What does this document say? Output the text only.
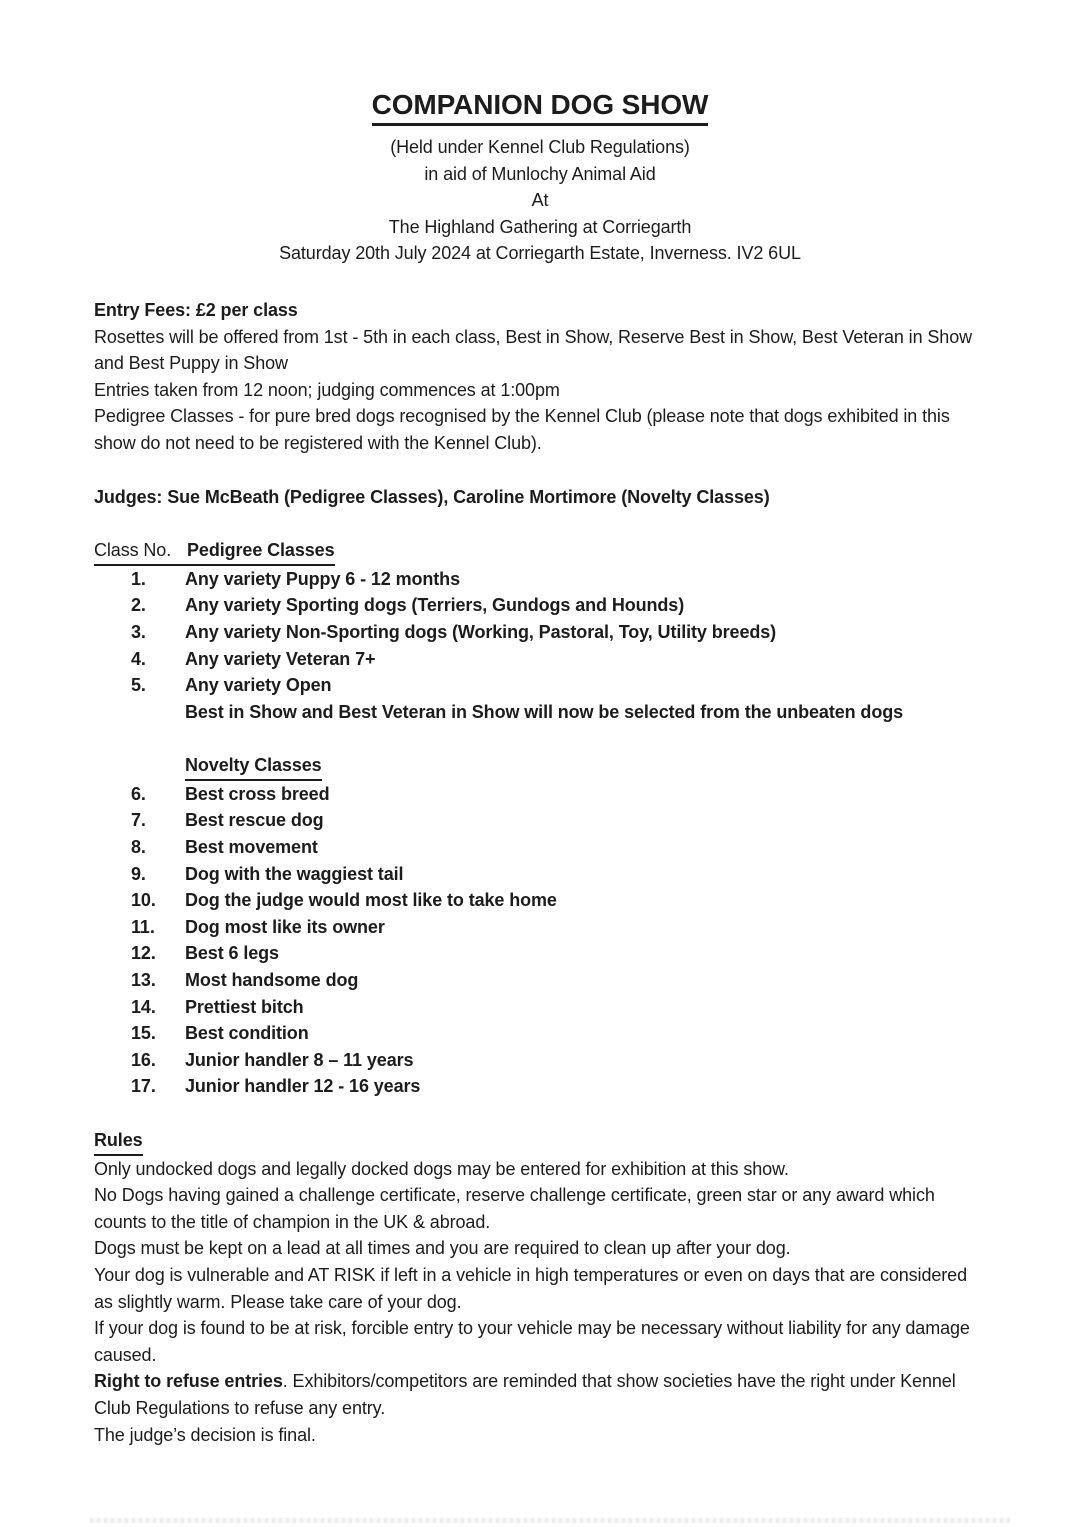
COMPANION DOG SHOW

(Held under Kennel Club Regulations)

in aid of Munlochy Animal Aid

At

The Highland Gathering at Corriegarth

Saturday 20th July 2024 at Corriegarth Estate, Inverness. IV2 6UL

Entry Fees: £2 per class

Rosettes will be offered from 1st - 5th in each class, Best in Show, Reserve Best in Show, Best Veteran in Show and Best Puppy in Show

Entries taken from 12 noon; judging commences at 1:00pm

Pedigree Classes - for pure bred dogs recognised by the Kennel Club (please note that dogs exhibited in this show do not need to be registered with the Kennel Club).

Judges: Sue McBeath (Pedigree Classes), Caroline Mortimore (Novelty Classes)

Class No. Pedigree Classes
1.	Any variety Puppy 6 - 12 months
2.	Any variety Sporting dogs (Terriers, Gundogs and Hounds)
3.	Any variety Non-Sporting dogs (Working, Pastoral, Toy, Utility breeds)
4.	Any variety Veteran 7+
5.	Any variety Open
Best in Show and Best Veteran in Show will now be selected from the unbeaten dogs
Novelty Classes
6.	Best cross breed
7.	Best rescue dog
8.	Best movement
9.	Dog with the waggiest tail
10.	Dog the judge would most like to take home
11.	Dog most like its owner
12.	Best 6 legs
13.	Most handsome dog
14.	Prettiest bitch
15.	Best condition
16.	Junior handler 8 – 11 years
17.	Junior handler 12 - 16 years

Rules

Only undocked dogs and legally docked dogs may be entered for exhibition at this show.

No Dogs having gained a challenge certificate, reserve challenge certificate, green star or any award which counts to the title of champion in the UK & abroad.

Dogs must be kept on a lead at all times and you are required to clean up after your dog.

Your dog is vulnerable and AT RISK if left in a vehicle in high temperatures or even on days that are considered as slightly warm. Please take care of your dog.

If your dog is found to be at risk, forcible entry to your vehicle may be necessary without liability for any damage caused.

Right to refuse entries. Exhibitors/competitors are reminded that show societies have the right under Kennel Club Regulations to refuse any entry.

The judge’s decision is final.
